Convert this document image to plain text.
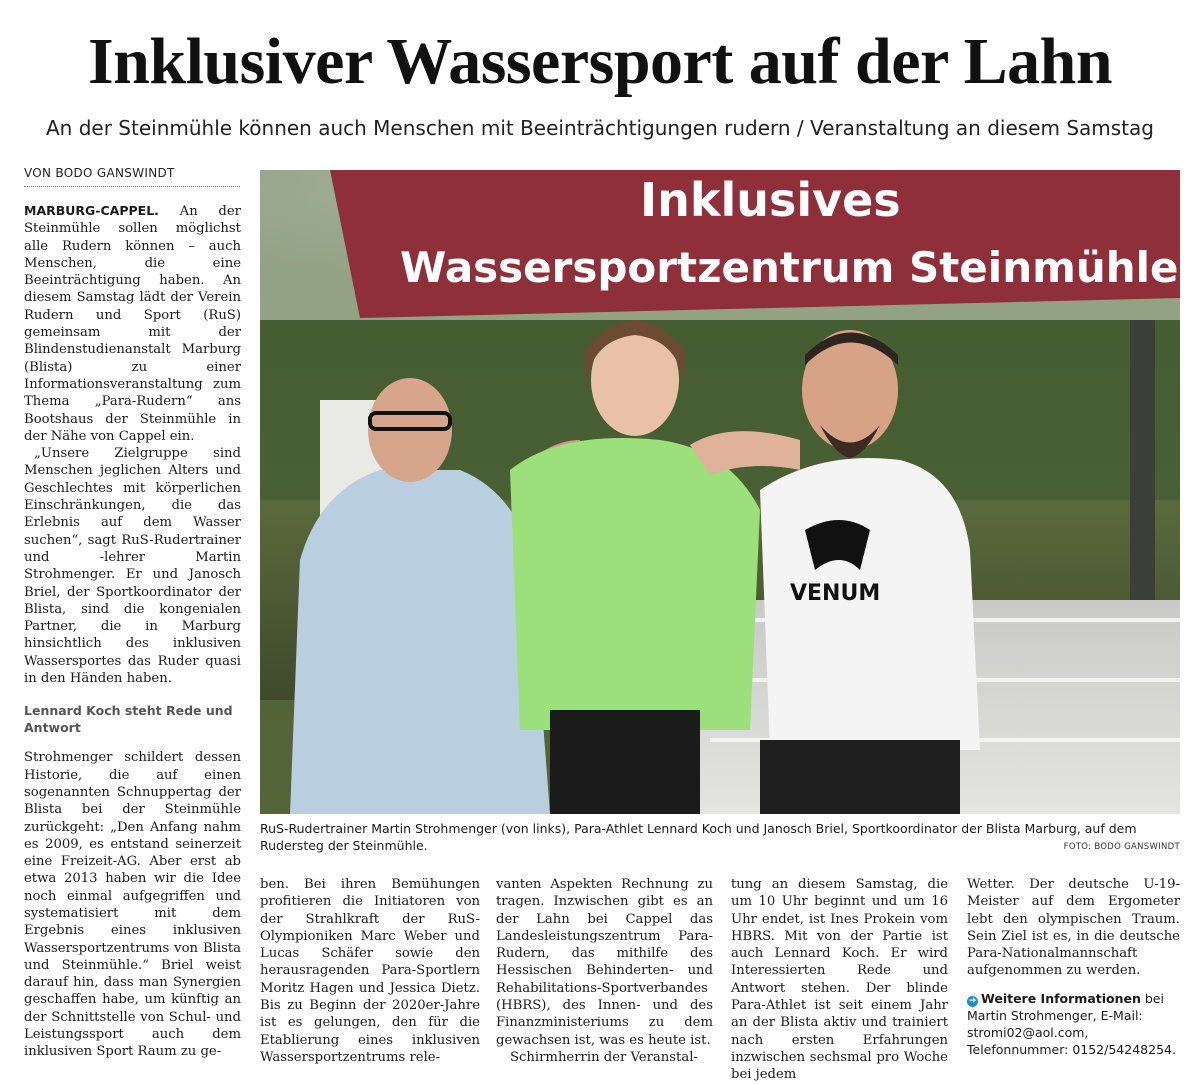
Inklusiver Wassersport auf der Lahn
An der Steinmühle können auch Menschen mit Beeinträchtigungen rudern / Veranstaltung an diesem Samstag
VON BODO GANSWINDT

MARBURG-CAPPEL. An der Steinmühle sollen möglichst alle Rudern können – auch Menschen, die eine Beeinträchtigung haben. An diesem Samstag lädt der Verein Rudern und Sport (RuS) gemeinsam mit der Blindenstudienanstalt Marburg (Blista) zu einer Informationsveranstaltung zum Thema „Para-Rudern“ ans Bootshaus der Steinmühle in der Nähe von Cappel ein.

„Unsere Zielgruppe sind Menschen jeglichen Alters und Geschlechtes mit körperlichen Einschränkungen, die das Erlebnis auf dem Wasser suchen“, sagt RuS-Rudertrainer und -lehrer Martin Strohmenger. Er und Janosch Briel, der Sportkoordinator der Blista, sind die kongenialen Partner, die in Marburg hinsichtlich des inklusiven Wassersportes das Ruder quasi in den Händen haben.

Lennard Koch steht Rede und Antwort

Strohmenger schildert dessen Historie, die auf einen sogenannten Schnuppertag der Blista bei der Steinmühle zurückgeht: „Den Anfang nahm es 2009, es entstand seinerzeit eine Freizeit-AG. Aber erst ab etwa 2013 haben wir die Idee noch einmal aufgegriffen und systematisiert mit dem Ergebnis eines inklusiven Wassersportzentrums von Blista und Steinmühle.“ Briel weist darauf hin, dass man Synergien geschaffen habe, um künftig an der Schnittstelle von Schul- und Leistungssport auch dem inklusiven Sport Raum zu ge-

Inklusives
Wassersportzentrum Steinmühle
VENUM
RuS-Rudertrainer Martin Strohmenger (von links), Para-Athlet Lennard Koch und Janosch Briel, Sportkoordinator der Blista Marburg, auf dem Rudersteg der Steinmühle.	FOTO: BODO GANSWINDT

ben. Bei ihren Bemühungen profitieren die Initiatoren von der Strahlkraft der RuS-Olympioniken Marc Weber und Lucas Schäfer sowie den herausragenden Para-Sportlern Moritz Hagen und Jessica Dietz. Bis zu Beginn der 2020er-Jahre ist es gelungen, den für die Etablierung eines inklusiven Wassersportzentrums rele-

vanten Aspekten Rechnung zu tragen. Inzwischen gibt es an der Lahn bei Cappel das Landesleistungszentrum Para-Rudern, das mithilfe des Hessischen Behinderten- und Rehabilitations-Sportverbandes (HBRS), des Innen- und des Finanzministeriums zu dem gewachsen ist, was es heute ist.

Schirmherrin der Veranstal-

tung an diesem Samstag, die um 10 Uhr beginnt und um 16 Uhr endet, ist Ines Prokein vom HBRS. Mit von der Partie ist auch Lennard Koch. Er wird Interessierten Rede und Antwort stehen. Der blinde Para-Athlet ist seit einem Jahr an der Blista aktiv und trainiert nach ersten Erfahrungen inzwischen sechsmal pro Woche bei jedem

Wetter. Der deutsche U-19-Meister auf dem Ergometer lebt den olympischen Traum. Sein Ziel ist es, in die deutsche Para-Nationalmannschaft aufgenommen zu werden.

➜ Weitere Informationen bei Martin Strohmenger, E-Mail: stromi02@aol.com, Telefonnummer: 0152/54248254.
